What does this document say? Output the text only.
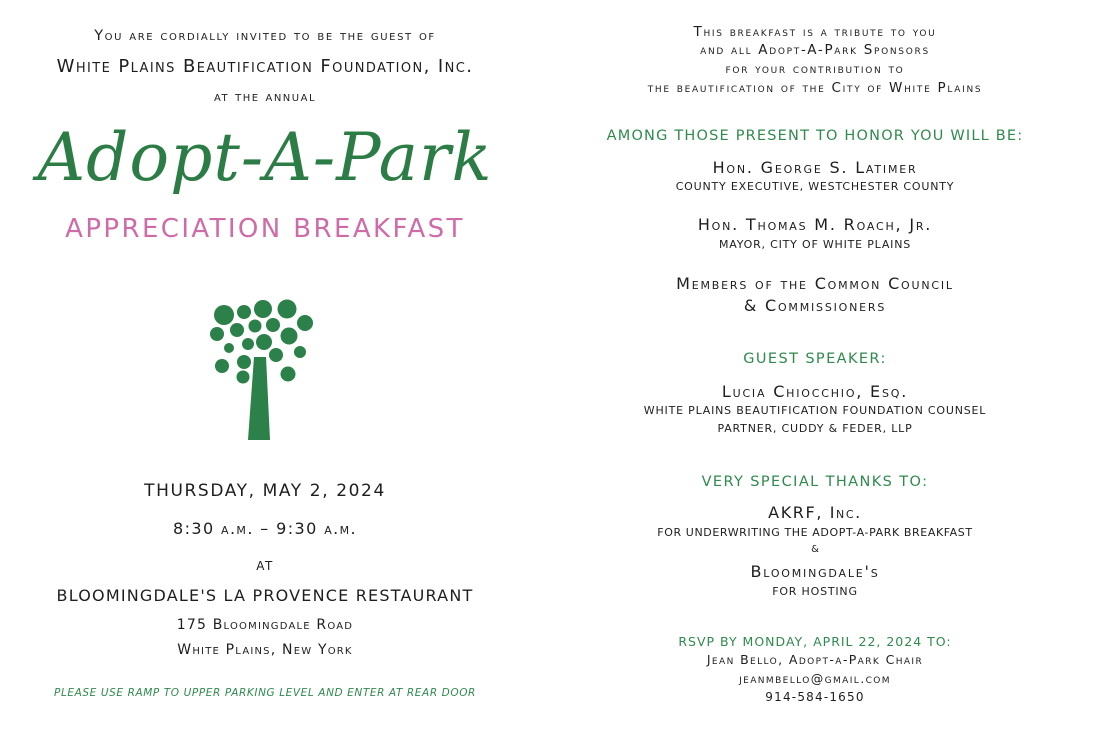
You are cordially invited to be the guest of
White Plains Beautification Foundation, Inc.
at the annual
Adopt-A-Park
APPRECIATION BREAKFAST
THURSDAY, MAY 2, 2024
8:30 a.m. – 9:30 a.m.
AT
BLOOMINGDALE'S LA PROVENCE RESTAURANT
175 Bloomingdale Road
White Plains, New York
PLEASE USE RAMP TO UPPER PARKING LEVEL AND ENTER AT REAR DOOR
This breakfast is a tribute to you
and all Adopt-A-Park Sponsors
for your contribution to
the beautification of the City of White Plains
AMONG THOSE PRESENT TO HONOR YOU WILL BE:
Hon. George S. Latimer
COUNTY EXECUTIVE, WESTCHESTER COUNTY
Hon. Thomas M. Roach, Jr.
MAYOR, CITY OF WHITE PLAINS
Members of the Common Council
& Commissioners
GUEST SPEAKER:
Lucia Chiocchio, Esq.
WHITE PLAINS BEAUTIFICATION FOUNDATION COUNSEL
PARTNER, CUDDY & FEDER, LLP
VERY SPECIAL THANKS TO:
AKRF, Inc.
FOR UNDERWRITING THE ADOPT-A-PARK BREAKFAST
&
Bloomingdale's
FOR HOSTING
RSVP BY MONDAY, APRIL 22, 2024 TO:
Jean Bello, Adopt-a-Park Chair
jeanmbello@gmail.com
914-584-1650
